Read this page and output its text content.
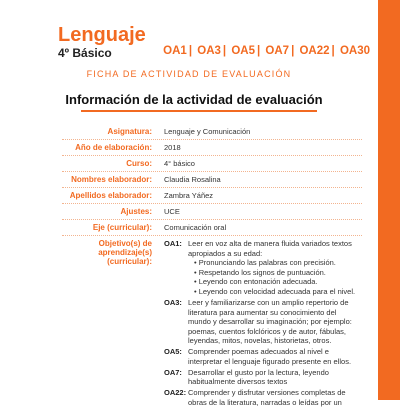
Lenguaje
4º Básico	OA1 | OA3 | OA5 | OA7 | OA22 | OA30
FICHA DE ACTIVIDAD DE EVALUACIÓN
Información de la actividad de evaluación
Asignatura:	Lenguaje y Comunicación
Año de elaboración:	2018
Curso:	4° básico
Nombres elaborador:	Claudia Rosalina
Apellidos elaborador:	Zambra Yáñez
Ajustes:	UCE
Eje (curricular):	Comunicación oral
Objetivo(s) de aprendizaje(s) (curricular):
OA1: Leer en voz alta de manera fluida variados textos
apropiados a su edad:
• Pronunciando las palabras con precisión.
• Respetando los signos de puntuación.
• Leyendo con entonación adecuada.
• Leyendo con velocidad adecuada para el nivel.
OA3: Leer y familiarizarse con un amplio repertorio de
literatura para aumentar su conocimiento del
mundo y desarrollar su imaginación; por ejemplo:
poemas, cuentos folclóricos y de autor, fábulas,
leyendas, mitos, novelas, historietas, otros.
OA5: Comprender poemas adecuados al nivel e
interpretar el lenguaje figurado presente en ellos.
OA7: Desarrollar el gusto por la lectura, leyendo
habitualmente diversos textos
OA22: Comprender y disfrutar versiones completas de
obras de la literatura, narradas o leídas por un
